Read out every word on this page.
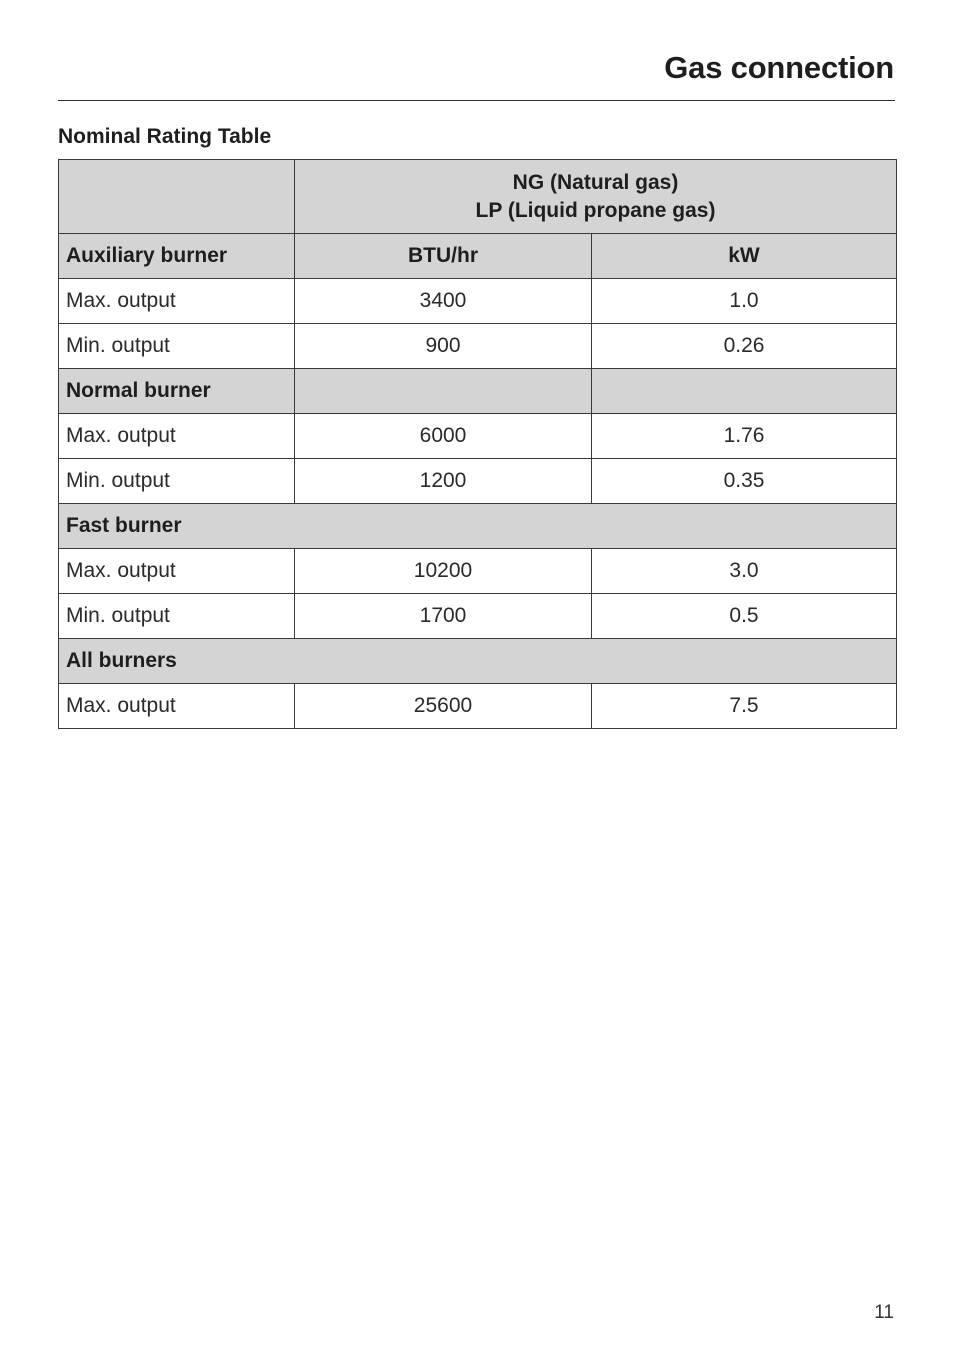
Gas connection
Nominal Rating Table

	NG (Natural gas)
LP (Liquid propane gas)	

Auxiliary burner	BTU/hr	kW
Max. output	3400	1.0
Min. output	900	0.26
Normal burner		
Max. output	6000	1.76
Min. output	1200	0.35
Fast burner		
Max. output	10200	3.0
Min. output	1700	0.5
All burners		
Max. output	25600	7.5
11
